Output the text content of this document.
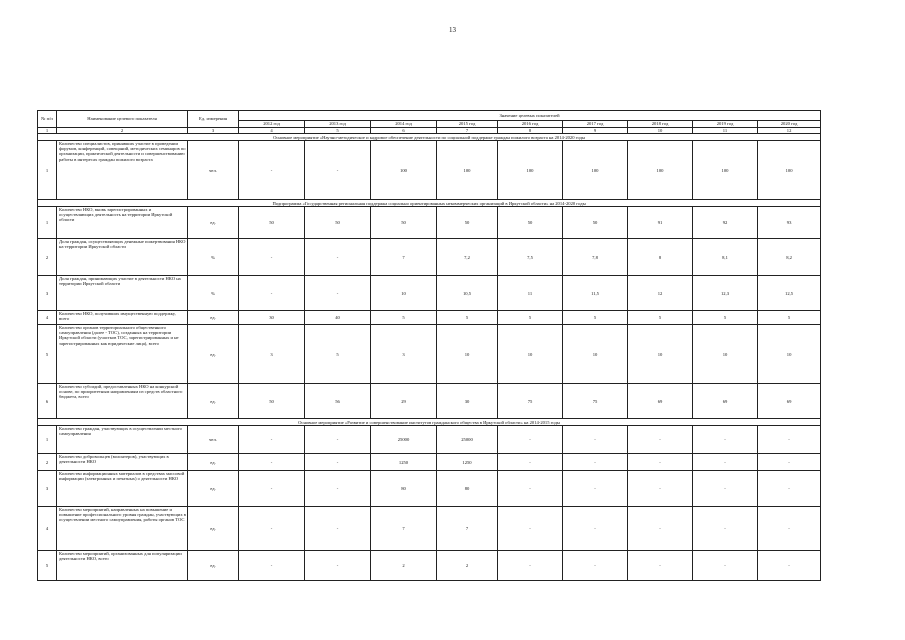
13
№ п/п	Наименование целевого показателя	Ед. измерения	Значение целевых показателей								
			2012 год	2013 год	2014 год	2015 год	2016 год	2017 год	2018 год	2019 год	2020 год
1	2	3	4	5	6	7	8	9	10	11	12
Основное мероприятие «Научно-методическое и кадровое обеспечение деятельности по социальной поддержке граждан пожилого возраста на 2014-2020 годы											
1	Количество специалистов, принявших участие в проведении форумов, конференций, совещаний, методических семинаров по организации, практической деятельности и совершенствованию работы в интересах граждан пожилого возраста	чел.	-	-	100	100	100	100	100	100	100
Подпрограмма «Государственная региональная поддержка социально ориентированных некоммерческих организаций в Иркутской области» на 2014-2020 годы											
1	Количество НКО, вновь зарегистрированных и осуществляющих деятельность на территории Иркутской области	ед.	50	50	50	50	50	50	91	92	93
2	Доля граждан, осуществляющих денежные пожертвования НКО на территории Иркутской области	%	-	-	7	7,2	7,5	7,8	8	8,1	8,2
3	Доля граждан, принимающих участие в деятельности НКО на территории Иркутской области	%	-	-	10	10,5	11	11,5	12	12,3	12,5
4	Количество НКО, получивших имущественную поддержку, всего	ед.	30	40	5	5	5	5	5	5	5
5	Количество органов территориального общественного самоуправления (далее - ТОС), созданных на территории Иркутской области (участков ТОС, зарегистрированных и не зарегистрированных как юридические лица), всего	ед.	3	5	3	10	10	10	10	10	10
6	Количество субсидий, предоставленных НКО на конкурсной основе, по приоритетным направлениям из средств областного бюджета, всего	ед.	50	56	29	30	75	75	69	69	69
Основное мероприятие «Развитие и совершенствование институтов гражданского общества в Иркутской области» на 2014-2015 годы											
1	Количество граждан, участвующих в осуществлении местного самоуправления	чел.	-	-	25000	25000	-	-	-	-	-
2	Количество добровольцев (волонтеров), участвующих в деятельности НКО	ед.	-	-	1250	1250	-	-	-	-	-
3	Количество информационных материалов в средствах массовой информации (электронных и печатных) о деятельности НКО	ед.	-	-	80	80	-	-	-	-	-
4	Количество мероприятий, направленных на повышение и повышение профессионального уровня граждан, участвующих в осуществлении местного самоуправления, работы органов ТОС	ед.	-	-	7	7	-	-	-	-	-
5	Количество мероприятий, организованных для популяризации деятельности НКО, всего	ед.	-	-	2	2	-	-	-	-	-
